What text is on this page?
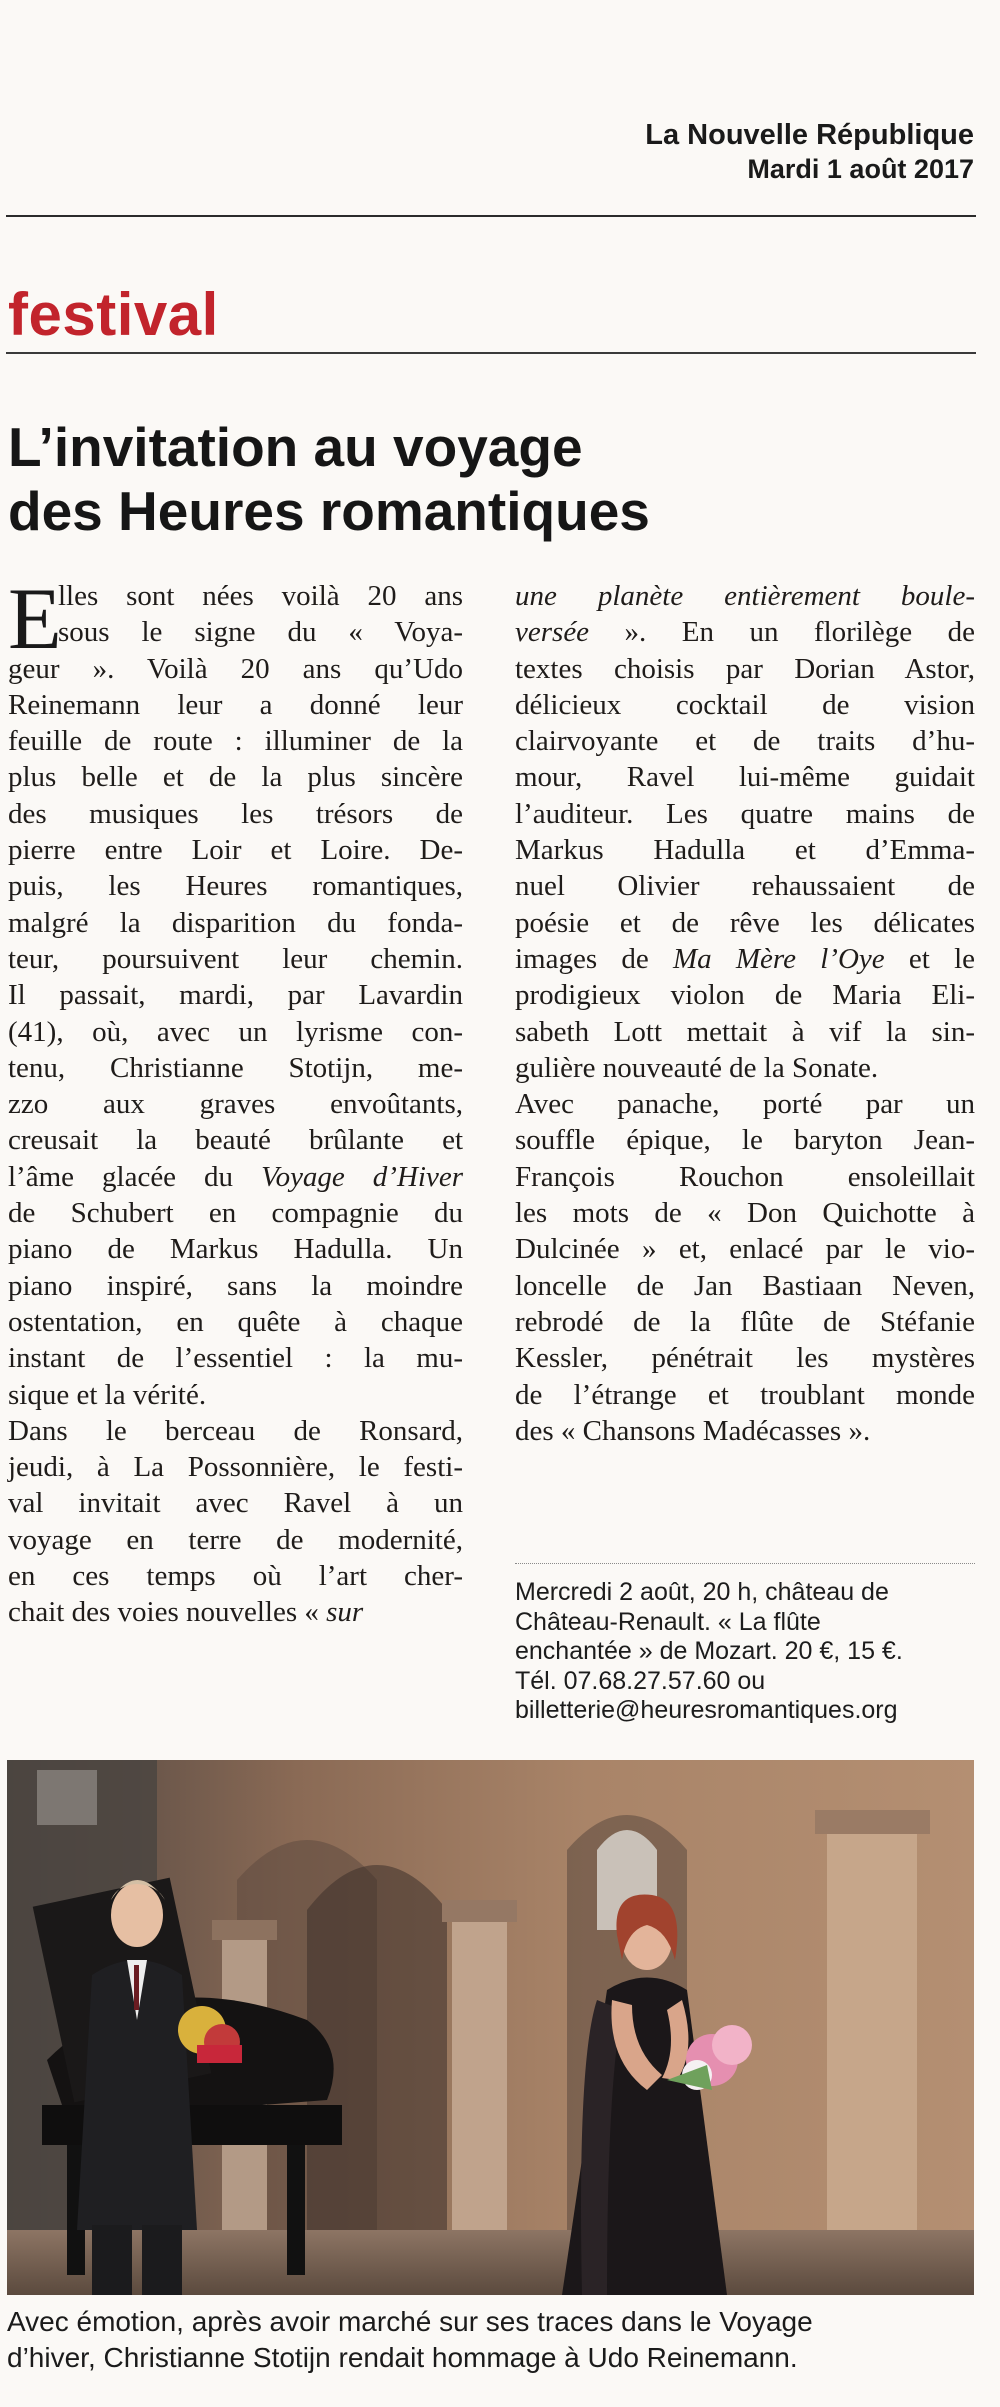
La Nouvelle République
Mardi 1 août 2017
festival
L’invitation au voyage
des Heures romantiques
E
lles sont nées voilà 20 ans
sous le signe du « Voya-
geur ». Voilà 20 ans qu’Udo
Reinemann leur a donné leur
feuille de route : illuminer de la
plus belle et de la plus sincère
des musiques les trésors de
pierre entre Loir et Loire. De-
puis, les Heures romantiques,
malgré la disparition du fonda-
teur, poursuivent leur chemin.
Il passait, mardi, par Lavardin
(41), où, avec un lyrisme con-
tenu, Christianne Stotijn, me-
zzo aux graves envoûtants,
creusait la beauté brûlante et
l’âme glacée du Voyage d’Hiver
de Schubert en compagnie du
piano de Markus Hadulla. Un
piano inspiré, sans la moindre
ostentation, en quête à chaque
instant de l’essentiel : la mu-
sique et la vérité.
Dans le berceau de Ronsard,
jeudi, à La Possonnière, le festi-
val invitait avec Ravel à un
voyage en terre de modernité,
en ces temps où l’art cher-
chait des voies nouvelles « sur
une planète entièrement boule-
versée ». En un florilège de
textes choisis par Dorian Astor,
délicieux cocktail de vision
clairvoyante et de traits d’hu-
mour, Ravel lui-même guidait
l’auditeur. Les quatre mains de
Markus Hadulla et d’Emma-
nuel Olivier rehaussaient de
poésie et de rêve les délicates
images de Ma Mère l’Oye et le
prodigieux violon de Maria Eli-
sabeth Lott mettait à vif la sin-
gulière nouveauté de la Sonate.
Avec panache, porté par un
souffle épique, le baryton Jean-
François Rouchon ensoleillait
les mots de « Don Quichotte à
Dulcinée » et, enlacé par le vio-
loncelle de Jan Bastiaan Neven,
rebrodé de la flûte de Stéfanie
Kessler, pénétrait les mystères
de l’étrange et troublant monde
des « Chansons Madécasses ».
Mercredi 2 août, 20 h, château de
Château-Renault. « La flûte
enchantée » de Mozart. 20 €, 15 €.
Tél. 07.68.27.57.60 ou
billetterie@heuresromantiques.org
Avec émotion, après avoir marché sur ses traces dans le Voyage
d’hiver, Christianne Stotijn rendait hommage à Udo Reinemann.
